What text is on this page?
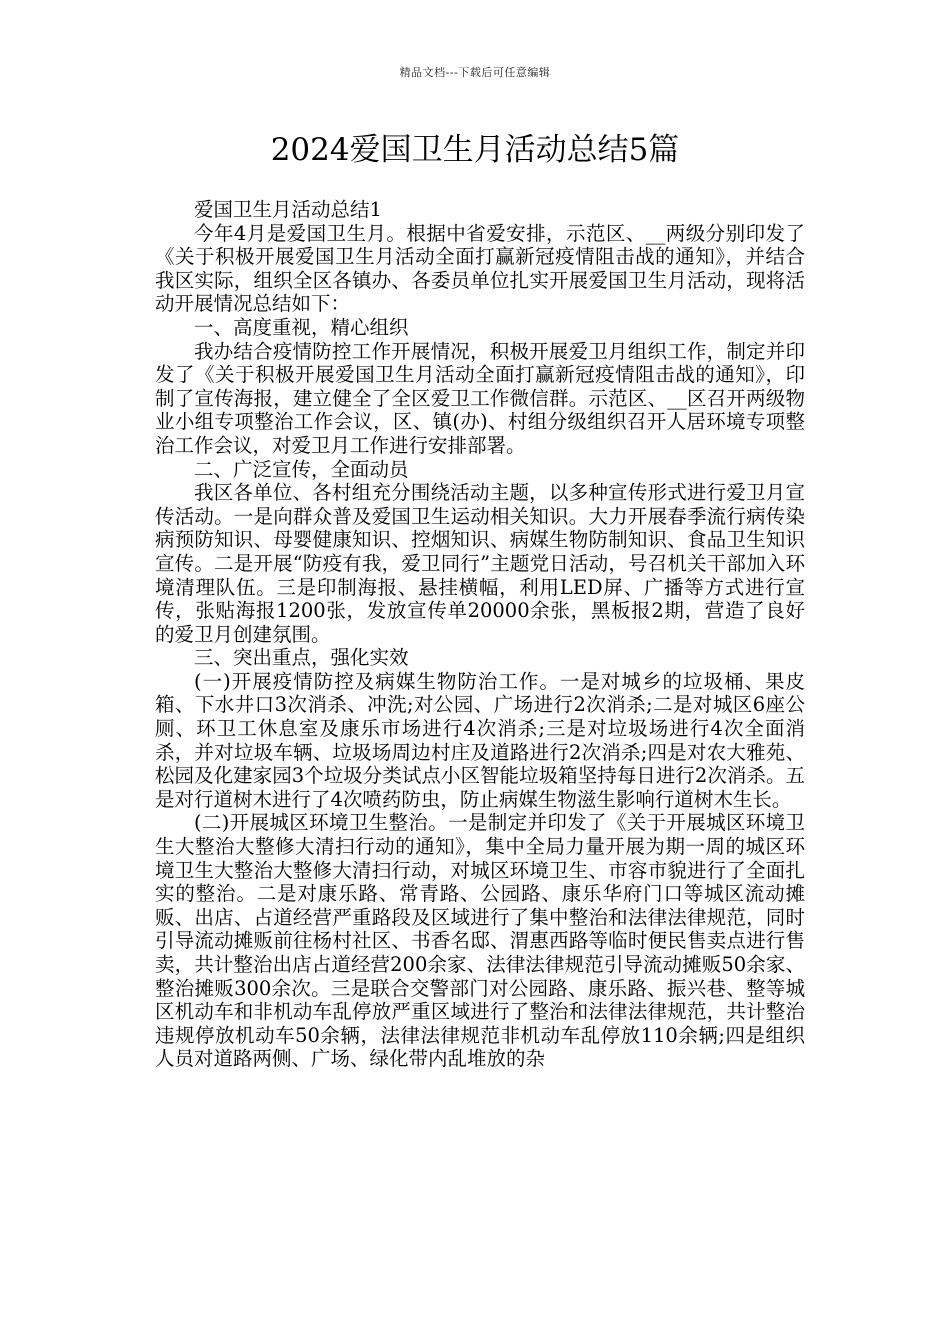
精品文档---下载后可任意编辑
2024爱国卫生月活动总结5篇

爱国卫生月活动总结1

今年4月是爱国卫生月。根据中省爱安排，示范区、__两级分别印发了《关于积极开展爱国卫生月活动全面打赢新冠疫情阻击战的通知》，并结合我区实际，组织全区各镇办、各委员单位扎实开展爱国卫生月活动，现将活动开展情况总结如下：

一、高度重视，精心组织

我办结合疫情防控工作开展情况，积极开展爱卫月组织工作，制定并印发了《关于积极开展爱国卫生月活动全面打赢新冠疫情阻击战的通知》，印制了宣传海报，建立健全了全区爱卫工作微信群。示范区、__区召开两级物业小组专项整治工作会议，区、镇(办)、村组分级组织召开人居环境专项整治工作会议，对爱卫月工作进行安排部署。

二、广泛宣传，全面动员

我区各单位、各村组充分围绕活动主题，以多种宣传形式进行爱卫月宣传活动。一是向群众普及爱国卫生运动相关知识。大力开展春季流行病传染病预防知识、母婴健康知识、控烟知识、病媒生物防制知识、食品卫生知识宣传。二是开展“防疫有我，爱卫同行”主题党日活动，号召机关干部加入环境清理队伍。三是印制海报、悬挂横幅，利用LED屏、广播等方式进行宣传，张贴海报1200张，发放宣传单20000余张，黑板报2期，营造了良好的爱卫月创建氛围。

三、突出重点，强化实效

(一)开展疫情防控及病媒生物防治工作。一是对城乡的垃圾桶、果皮箱、下水井口3次消杀、冲洗;对公园、广场进行2次消杀;二是对城区6座公厕、环卫工休息室及康乐市场进行4次消杀;三是对垃圾场进行4次全面消杀，并对垃圾车辆、垃圾场周边村庄及道路进行2次消杀;四是对农大雅苑、松园及化建家园3个垃圾分类试点小区智能垃圾箱坚持每日进行2次消杀。五是对行道树木进行了4次喷药防虫，防止病媒生物滋生影响行道树木生长。

(二)开展城区环境卫生整治。一是制定并印发了《关于开展城区环境卫生大整治大整修大清扫行动的通知》，集中全局力量开展为期一周的城区环境卫生大整治大整修大清扫行动，对城区环境卫生、市容市貌进行了全面扎实的整治。二是对康乐路、常青路、公园路、康乐华府门口等城区流动摊贩、出店、占道经营严重路段及区域进行了集中整治和法律法律规范，同时引导流动摊贩前往杨村社区、书香名邸、渭惠西路等临时便民售卖点进行售卖，共计整治出店占道经营200余家、法律法律规范引导流动摊贩50余家、整治摊贩300余次。三是联合交警部门对公园路、康乐路、振兴巷、整等城区机动车和非机动车乱停放严重区域进行了整治和法律法律规范，共计整治违规停放机动车50余辆，法律法律规范非机动车乱停放110余辆;四是组织人员对道路两侧、广场、绿化带内乱堆放的杂
